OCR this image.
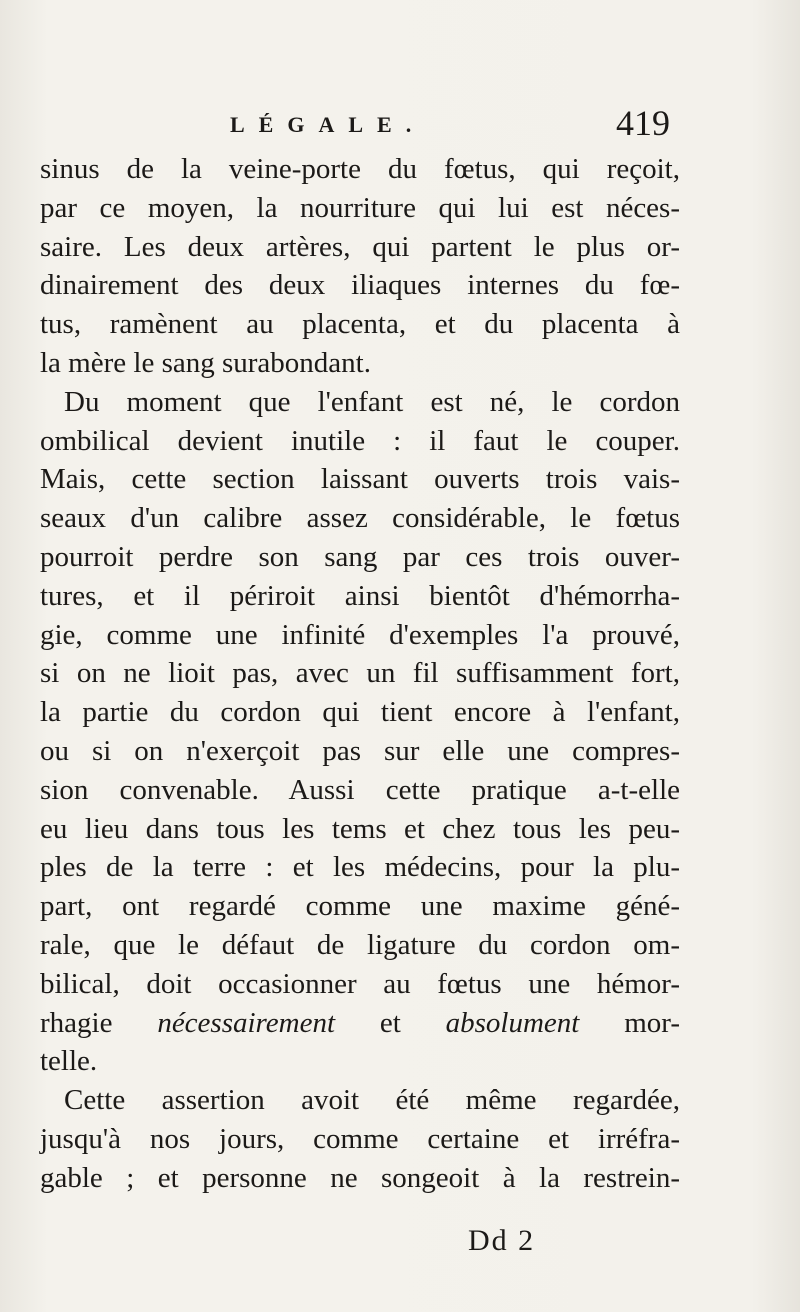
LÉGALE.	419
sinus de la veine-porte du fœtus, qui reçoit,
par ce moyen, la nourriture qui lui est néces-
saire. Les deux artères, qui partent le plus or-
dinairement des deux iliaques internes du fœ-
tus, ramènent au placenta, et du placenta à
la mère le sang surabondant.
Du moment que l'enfant est né, le cordon
ombilical devient inutile : il faut le couper.
Mais, cette section laissant ouverts trois vais-
seaux d'un calibre assez considérable, le fœtus
pourroit perdre son sang par ces trois ouver-
tures, et il périroit ainsi bientôt d'hémorrha-
gie, comme une infinité d'exemples l'a prouvé,
si on ne lioit pas, avec un fil suffisamment fort,
la partie du cordon qui tient encore à l'enfant,
ou si on n'exerçoit pas sur elle une compres-
sion convenable. Aussi cette pratique a-t-elle
eu lieu dans tous les tems et chez tous les peu-
ples de la terre : et les médecins, pour la plu-
part, ont regardé comme une maxime géné-
rale, que le défaut de ligature du cordon om-
bilical, doit occasionner au fœtus une hémor-
rhagie nécessairement et absolument mor-
telle.
Cette assertion avoit été même regardée,
jusqu'à nos jours, comme certaine et irréfra-
gable ; et personne ne songeoit à la restrein-
Dd 2
